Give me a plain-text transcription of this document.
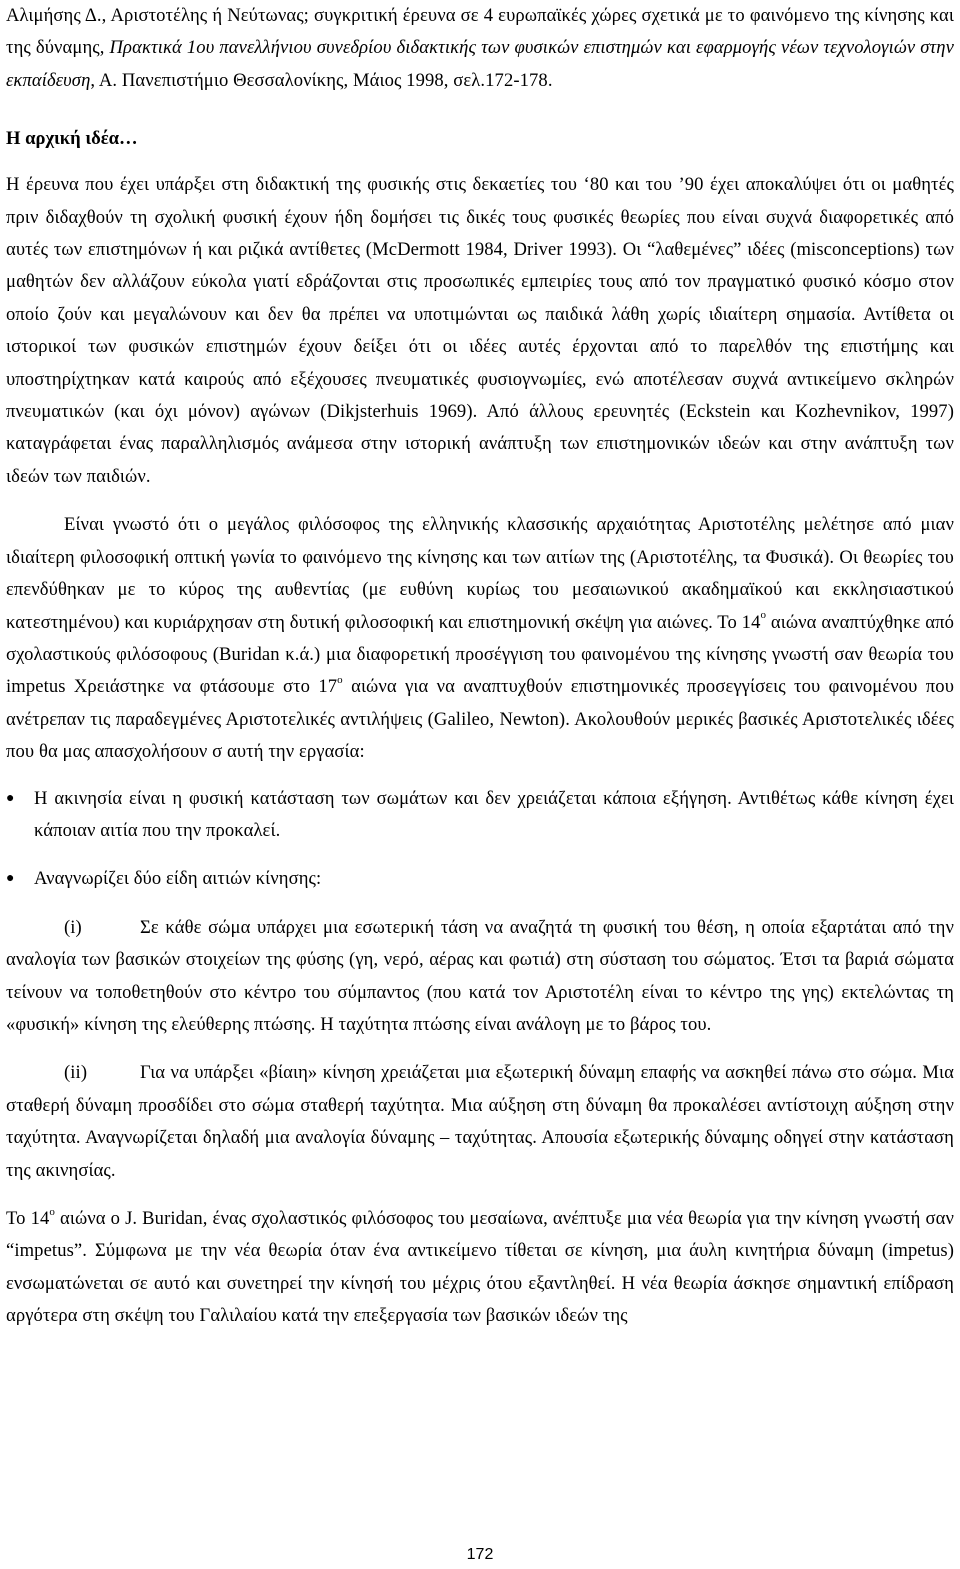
Αλιμήσης Δ., Αριστοτέλης ή Νεύτωνας; συγκριτική έρευνα σε 4 ευρωπαϊκές χώρες σχετικά με το φαινόμενο της κίνησης και της δύναμης, Πρακτικά 1ου πανελλήνιου συνεδρίου διδακτικής των φυσικών επιστημών και εφαρμογής νέων τεχνολογιών στην εκπαίδευση, Α. Πανεπιστήμιο Θεσσαλονίκης, Μάιος 1998, σελ.172-178.

Η αρχική ιδέα…

Η έρευνα που έχει υπάρξει στη διδακτική της φυσικής στις δεκαετίες του ‘80 και του ’90 έχει αποκαλύψει ότι οι μαθητές πριν διδαχθούν τη σχολική φυσική έχουν ήδη δομήσει τις δικές τους φυσικές θεωρίες που είναι συχνά διαφορετικές από αυτές των επιστημόνων ή και ριζικά αντίθετες (McDermott 1984, Driver 1993). Οι “λαθεμένες” ιδέες (misconceptions) των μαθητών δεν αλλάζουν εύκολα γιατί εδράζονται στις προσωπικές εμπειρίες τους από τον πραγματικό φυσικό κόσμο στον οποίο ζούν και μεγαλώνουν και δεν θα πρέπει να υποτιμώνται ως παιδικά λάθη χωρίς ιδιαίτερη σημασία. Αντίθετα οι ιστορικοί των φυσικών επιστημών έχουν δείξει ότι οι ιδέες αυτές έρχονται από το παρελθόν της επιστήμης και υποστηρίχτηκαν κατά καιρούς από εξέχουσες πνευματικές φυσιογνωμίες, ενώ αποτέλεσαν συχνά αντικείμενο σκληρών πνευματικών (και όχι μόνον) αγώνων (Dikjsterhuis 1969). Από άλλους ερευνητές (Eckstein και Kozhevnikov, 1997) καταγράφεται ένας παραλληλισμός ανάμεσα στην ιστορική ανάπτυξη των επιστημονικών ιδεών και στην ανάπτυξη των ιδεών των παιδιών.

Είναι γνωστό ότι ο μεγάλος φιλόσοφος της ελληνικής κλασσικής αρχαιότητας Αριστοτέλης μελέτησε από μιαν ιδιαίτερη φιλοσοφική οπτική γωνία το φαινόμενο της κίνησης και των αιτίων της (Αριστοτέλης, τα Φυσικά). Οι θεωρίες του επενδύθηκαν με το κύρος της αυθεντίας (με ευθύνη κυρίως του μεσαιωνικού ακαδημαϊκού και εκκλησιαστικού κατεστημένου) και κυριάρχησαν στη δυτική φιλοσοφική και επιστημονική σκέψη για αιώνες. Το $14^o$ αιώνα αναπτύχθηκε από σχολαστικούς φιλόσοφους (Buridan κ.ά.) μια διαφορετική προσέγγιση του φαινομένου της κίνησης γνωστή σαν θεωρία του impetus Χρειάστηκε να φτάσουμε στο $17^o$ αιώνα για να αναπτυχθούν επιστημονικές προσεγγίσεις του φαινομένου που ανέτρεπαν τις παραδεγμένες Αριστοτελικές αντιλήψεις (Galileo, Newton). Ακολουθούν μερικές βασικές Αριστοτελικές ιδέες που θα μας απασχολήσουν σ αυτή την εργασία:

●	Η ακινησία είναι η φυσική κατάσταση των σωμάτων και δεν χρειάζεται κάποια εξήγηση. Αντιθέτως κάθε κίνηση έχει κάποιαν αιτία που την προκαλεί.
●	Αναγνωρίζει δύο είδη αιτιών κίνησης:

(i)	Σε κάθε σώμα υπάρχει μια εσωτερική τάση να αναζητά τη φυσική του θέση, η οποία εξαρτάται από την αναλογία των βασικών στοιχείων της φύσης (γη, νερό, αέρας και φωτιά) στη σύσταση του σώματος. Έτσι τα βαριά σώματα τείνουν να τοποθετηθούν στο κέντρο του σύμπαντος (που κατά τον Αριστοτέλη είναι το κέντρο της γης) εκτελώντας τη «φυσική» κίνηση της ελεύθερης πτώσης. Η ταχύτητα πτώσης είναι ανάλογη με το βάρος του.

(ii)	Για να υπάρξει «βίαιη» κίνηση χρειάζεται μια εξωτερική δύναμη επαφής να ασκηθεί πάνω στο σώμα. Μια σταθερή δύναμη προσδίδει στο σώμα σταθερή ταχύτητα. Μια αύξηση στη δύναμη θα προκαλέσει αντίστοιχη αύξηση στην ταχύτητα. Αναγνωρίζεται δηλαδή μια αναλογία δύναμης – ταχύτητας. Απουσία εξωτερικής δύναμης οδηγεί στην κατάσταση της ακινησίας.

Το $14^o$ αιώνα ο J. Buridan, ένας σχολαστικός φιλόσοφος του μεσαίωνα, ανέπτυξε μια νέα θεωρία για την κίνηση γνωστή σαν “impetus”. Σύμφωνα με την νέα θεωρία όταν ένα αντικείμενο τίθεται σε κίνηση, μια άυλη κινητήρια δύναμη (impetus) ενσωματώνεται σε αυτό και συνετηρεί την κίνησή του μέχρις ότου εξαντληθεί. Η νέα θεωρία άσκησε σημαντική επίδραση αργότερα στη σκέψη του Γαλιλαίου κατά την επεξεργασία των βασικών ιδεών της

172
